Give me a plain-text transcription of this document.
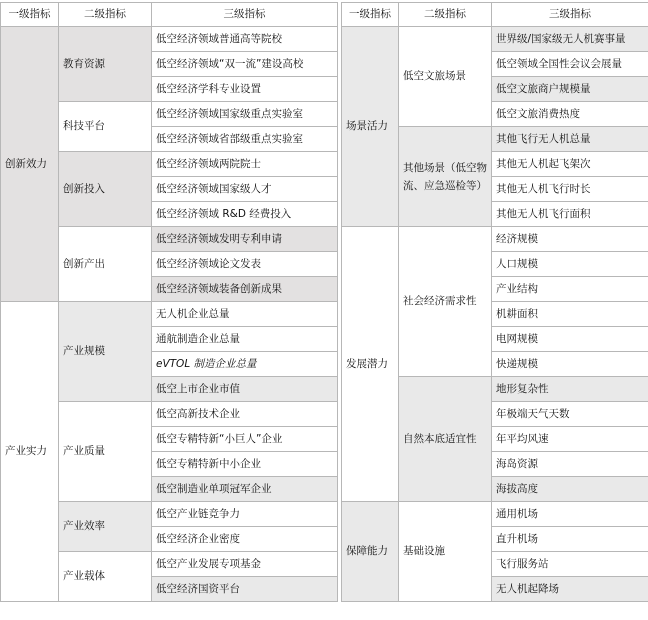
一级指标	二级指标	三级指标
创新效力	教育资源	低空经济领域普通高等院校
		低空经济领域“双一流”建设高校
		低空经济学科专业设置
	科技平台	低空经济领域国家级重点实验室
		低空经济领域省部级重点实验室
	创新投入	低空经济领域两院院士
		低空经济领域国家级人才
		低空经济领域 R&D 经费投入
	创新产出	低空经济领域发明专利申请
		低空经济领域论文发表
		低空经济领域装备创新成果
产业实力	产业规模	无人机企业总量
		通航制造企业总量
		eVTOL 制造企业总量
		低空上市企业市值
	产业质量	低空高新技术企业
		低空专精特新“小巨人”企业
		低空专精特新中小企业
		低空制造业单项冠军企业
	产业效率	低空产业链竞争力
		低空经济企业密度
	产业载体	低空产业发展专项基金
		低空经济国资平台
一级指标	二级指标	三级指标
场景活力	低空文旅场景	世界级/国家级无人机赛事量
		低空领域全国性会议会展量
		低空文旅商户规模量
		低空文旅消费热度
	其他场景（低空物流、应急巡检等）	其他飞行无人机总量
		其他无人机起飞架次
		其他无人机飞行时长
		其他无人机飞行面积
发展潜力	社会经济需求性	经济规模
		人口规模
		产业结构
		机耕面积
		电网规模
		快递规模
	自然本底适宜性	地形复杂性
		年极端天气天数
		年平均风速
		海岛资源
		海拔高度
保障能力	基础设施	通用机场
		直升机场
		飞行服务站
		无人机起降场
